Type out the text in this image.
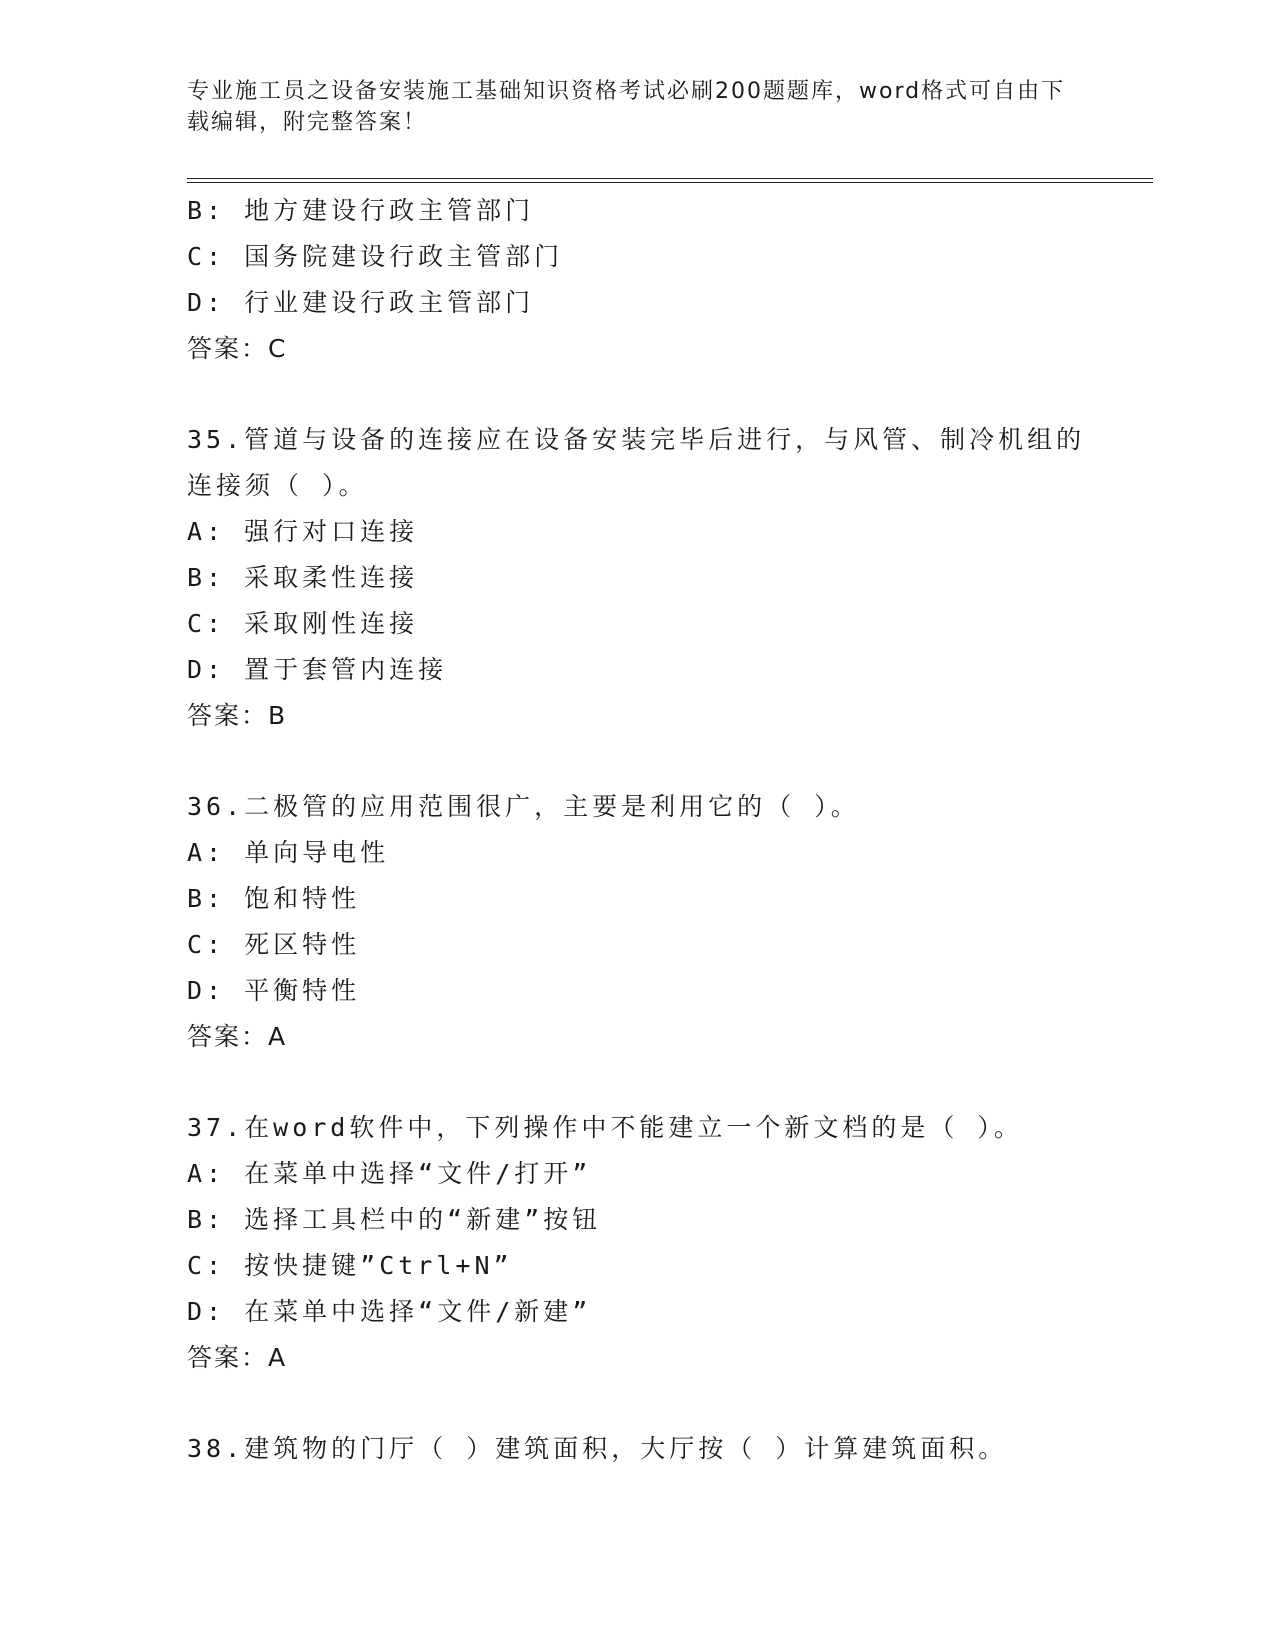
专业施工员之设备安装施工基础知识资格考试必刷200题题库，word格式可自由下载编辑，附完整答案！
B: 地方建设行政主管部门
C: 国务院建设行政主管部门
D: 行业建设行政主管部门
答案：C
35.管道与设备的连接应在设备安装完毕后进行，与风管、制冷机组的
连接须（ ）。
A: 强行对口连接
B: 采取柔性连接
C: 采取刚性连接
D: 置于套管内连接
答案：B
36.二极管的应用范围很广，主要是利用它的（ ）。
A: 单向导电性
B: 饱和特性
C: 死区特性
D: 平衡特性
答案：A
37.在word软件中，下列操作中不能建立一个新文档的是（ ）。
A: 在菜单中选择“文件/打开”
B: 选择工具栏中的“新建”按钮
C: 按快捷键”Ctrl+N”
D: 在菜单中选择“文件/新建”
答案：A
38.建筑物的门厅（ ）建筑面积，大厅按（ ）计算建筑面积。
